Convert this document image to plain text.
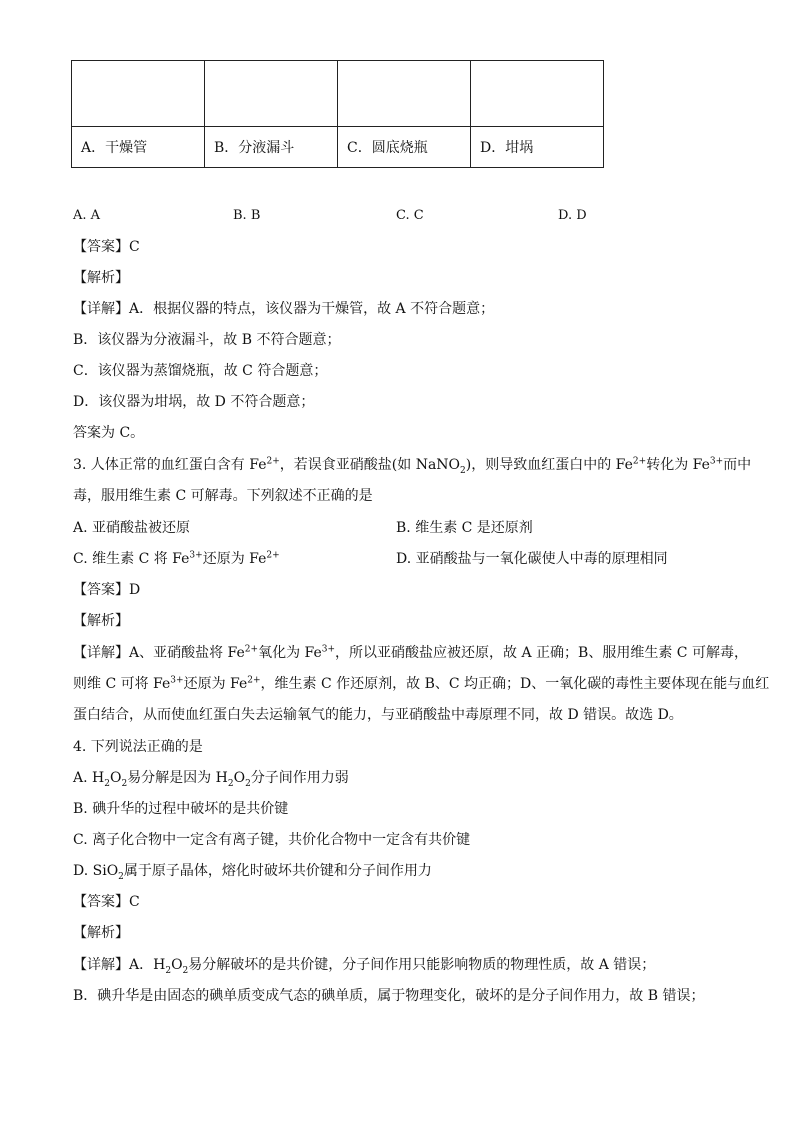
A．干燥管	B．分液漏斗	C．圆底烧瓶	D．坩埚
A. A	B. B	C. C	D. D
【答案】C
【解析】
【详解】A．根据仪器的特点，该仪器为干燥管，故 A 不符合题意；
B．该仪器为分液漏斗，故 B 不符合题意；
C．该仪器为蒸馏烧瓶，故 C 符合题意；
D．该仪器为坩埚，故 D 不符合题意；
答案为 C。
3. 人体正常的血红蛋白含有 $Fe^{2+}$，若误食亚硝酸盐(如 NaNO$_2$)，则导致血红蛋白中的 $Fe^{2+}$转化为 $Fe^{3+}$而中
毒，服用维生素 C 可解毒。下列叙述不正确的是
A. 亚硝酸盐被还原	B. 维生素 C 是还原剂
C. 维生素 C 将 $Fe^{3+}$还原为 $Fe^{2+}$	D. 亚硝酸盐与一氧化碳使人中毒的原理相同
【答案】D
【解析】
【详解】A、亚硝酸盐将 $Fe^{2+}$氧化为 $Fe^{3+}$，所以亚硝酸盐应被还原，故 A 正确；B、服用维生素 C 可解毒，
则维 C 可将 $Fe^{3+}$还原为 $Fe^{2+}$，维生素 C 作还原剂，故 B、C 均正确；D、一氧化碳的毒性主要体现在能与血红
蛋白结合，从而使血红蛋白失去运输氧气的能力，与亚硝酸盐中毒原理不同，故 D 错误。故选 D。
4. 下列说法正确的是
A. $H_2O_2$易分解是因为 $H_2O_2$分子间作用力弱
B. 碘升华的过程中破坏的是共价键
C. 离子化合物中一定含有离子键，共价化合物中一定含有共价键
D. SiO$_2$属于原子晶体，熔化时破坏共价键和分子间作用力
【答案】C
【解析】
【详解】A．$H_2O_2$易分解破坏的是共价键，分子间作用只能影响物质的物理性质，故 A 错误；
B．碘升华是由固态的碘单质变成气态的碘单质，属于物理变化，破坏的是分子间作用力，故 B 错误；
